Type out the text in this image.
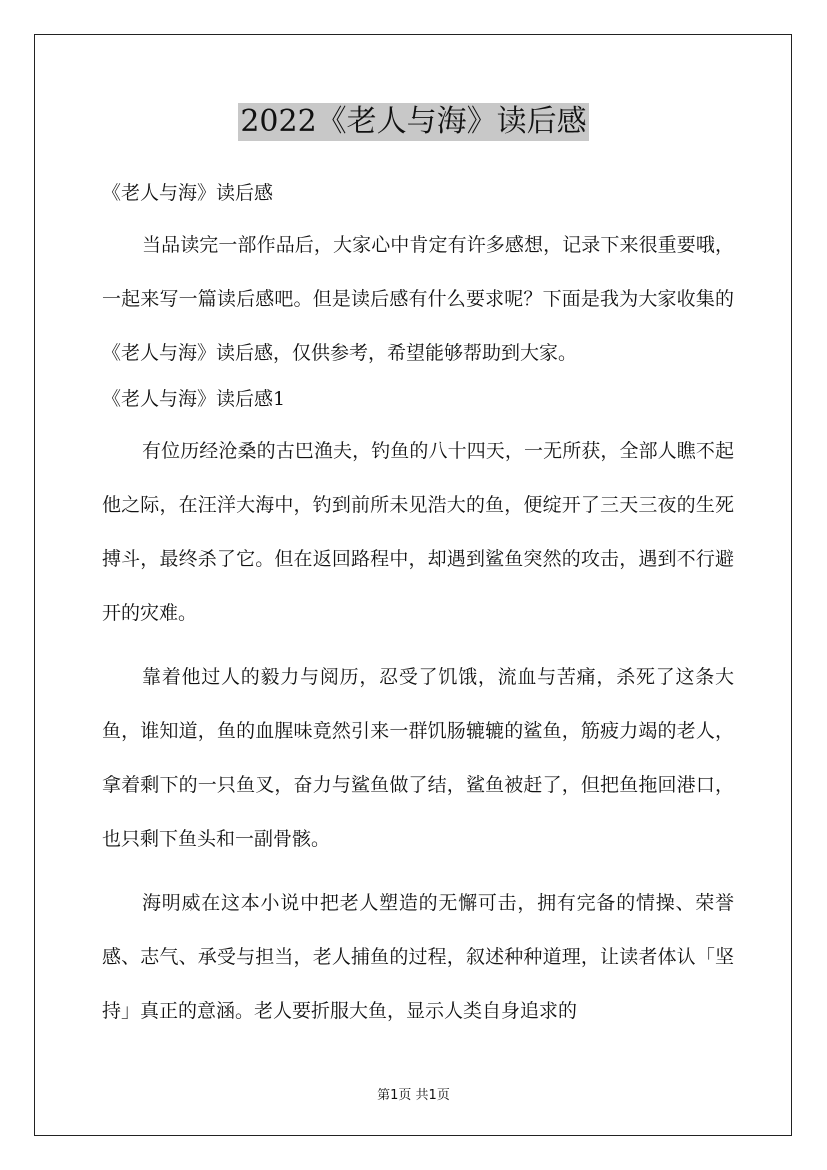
2022《老人与海》读后感

《老人与海》读后感

当品读完一部作品后，大家心中肯定有许多感想，记录下来很重要哦，一起来写一篇读后感吧。但是读后感有什么要求呢？下面是我为大家收集的《老人与海》读后感，仅供参考，希望能够帮助到大家。

《老人与海》读后感1

有位历经沧桑的古巴渔夫，钓鱼的八十四天，一无所获，全部人瞧不起他之际，在汪洋大海中，钓到前所未见浩大的鱼，便绽开了三天三夜的生死搏斗，最终杀了它。但在返回路程中，却遇到鲨鱼突然的攻击，遇到不行避开的灾难。

靠着他过人的毅力与阅历，忍受了饥饿，流血与苦痛，杀死了这条大鱼，谁知道，鱼的血腥味竟然引来一群饥肠辘辘的鲨鱼，筋疲力竭的老人，拿着剩下的一只鱼叉，奋力与鲨鱼做了结，鲨鱼被赶了，但把鱼拖回港口，也只剩下鱼头和一副骨骸。

海明威在这本小说中把老人塑造的无懈可击，拥有完备的情操、荣誉感、志气、承受与担当，老人捕鱼的过程，叙述种种道理，让读者体认「坚持」真正的意涵。老人要折服大鱼，显示人类自身追求的

第1页 共1页
